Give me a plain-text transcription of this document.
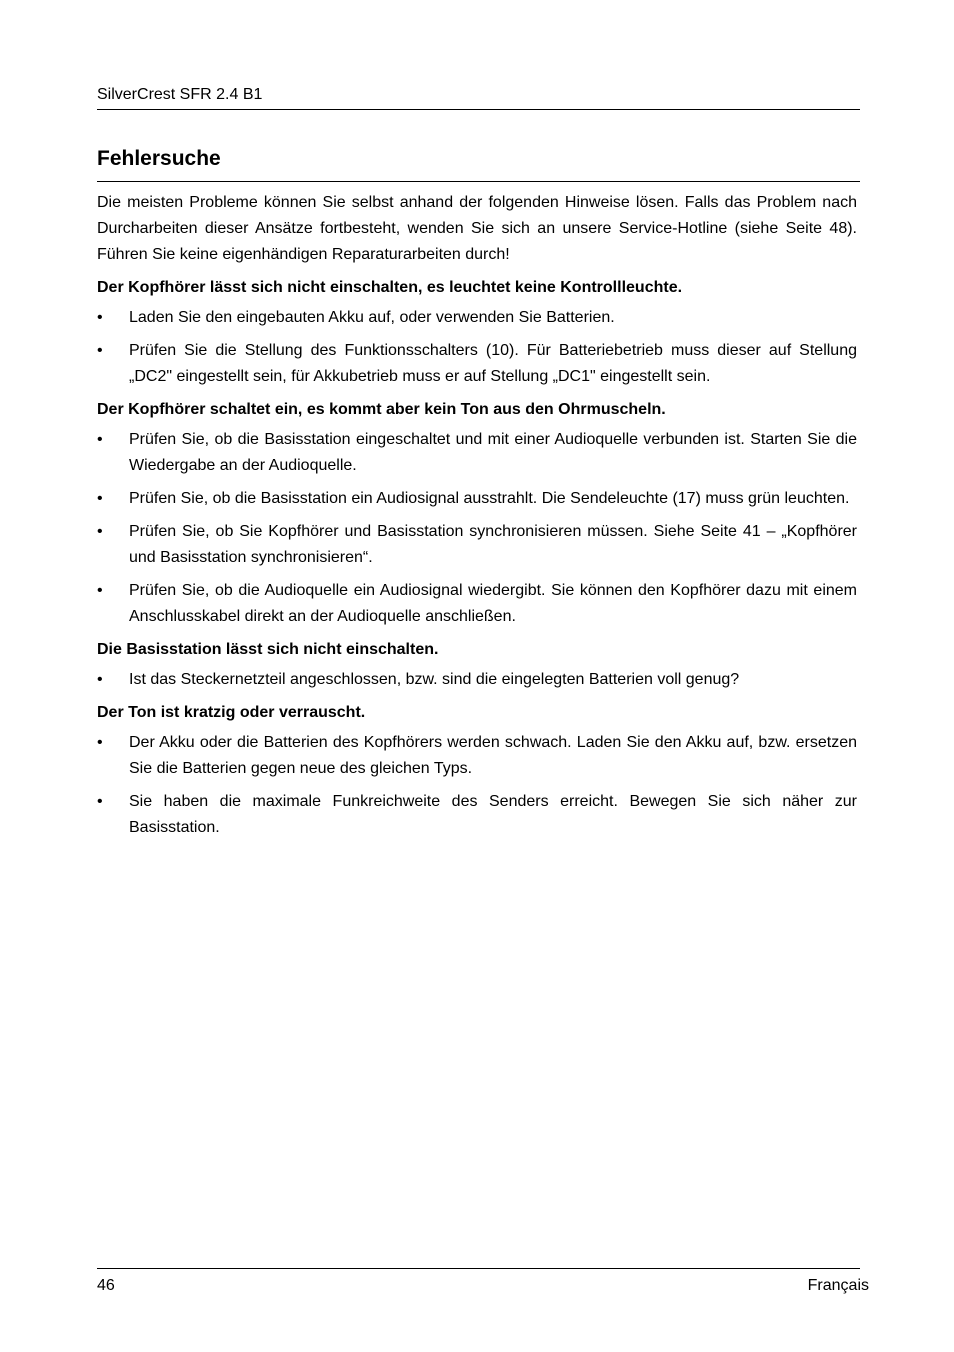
SilverCrest SFR 2.4 B1
Fehlersuche

Die meisten Probleme können Sie selbst anhand der folgenden Hinweise lösen. Falls das Problem nach Durcharbeiten dieser Ansätze fortbesteht, wenden Sie sich an unsere Service-Hotline (siehe Seite 48). Führen Sie keine eigenhändigen Reparaturarbeiten durch!

Der Kopfhörer lässt sich nicht einschalten, es leuchtet keine Kontrollleuchte.
•	Laden Sie den eingebauten Akku auf, oder verwenden Sie Batterien.
•	Prüfen Sie die Stellung des Funktionsschalters (10). Für Batteriebetrieb muss dieser auf Stellung „DC2" eingestellt sein, für Akkubetrieb muss er auf Stellung „DC1" eingestellt sein.
Der Kopfhörer schaltet ein, es kommt aber kein Ton aus den Ohrmuscheln.
•	Prüfen Sie, ob die Basisstation eingeschaltet und mit einer Audioquelle verbunden ist. Starten Sie die Wiedergabe an der Audioquelle.
•	Prüfen Sie, ob die Basisstation ein Audiosignal ausstrahlt. Die Sendeleuchte (17) muss grün leuchten.
•	Prüfen Sie, ob Sie Kopfhörer und Basisstation synchronisieren müssen. Siehe Seite 41 – „Kopfhörer und Basisstation synchronisieren“.
•	Prüfen Sie, ob die Audioquelle ein Audiosignal wiedergibt. Sie können den Kopfhörer dazu mit einem Anschlusskabel direkt an der Audioquelle anschließen.
Die Basisstation lässt sich nicht einschalten.
•	Ist das Steckernetzteil angeschlossen, bzw. sind die eingelegten Batterien voll genug?
Der Ton ist kratzig oder verrauscht.
•	Der Akku oder die Batterien des Kopfhörers werden schwach. Laden Sie den Akku auf, bzw. ersetzen Sie die Batterien gegen neue des gleichen Typs.
•	Sie haben die maximale Funkreichweite des Senders erreicht. Bewegen Sie sich näher zur Basisstation.
46	Français
